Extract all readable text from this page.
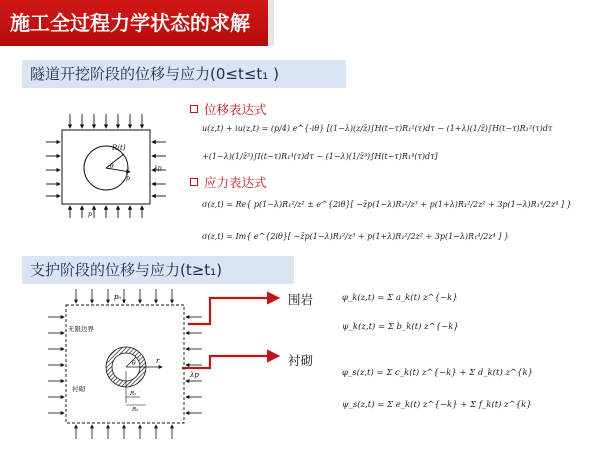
施工全过程力学状态的求解
隧道开挖阶段的位移与应力(0≤t≤t₁ )
R(t)
θ
p
λp
p
位移表达式
u(z,t) + iu(z,t) = (p/4) e^{-iθ} [(1−λ)(z/z̄)∫H(t−τ)R₁²(τ)dτ − (1+λ)(1/z̄)∫H(t−τ)R₁²(τ)dτ
+(1−λ)(1/z̄³)∫I(t−τ)R₁⁴(τ)dτ − (1−λ)(1/z̄³)∫H(t−τ)R₁⁴(τ)dτ]
应力表达式
σ(z,t) = Re{ p(1−λ)R₁²/z² ± e^{2iθ}[ −z̄p(1−λ)R₁²/z³ + p(1+λ)R₁²/2z² + 3p(1−λ)R₁⁴/2z⁴ ] }
σ(z,t) = Im{ e^{2iθ}[ −z̄p(1−λ)R₁²/z³ + p(1+λ)R₁²/2z² + 3p(1−λ)R₁⁴/2z⁴ ] }
支护阶段的位移与应力(t≥t₁)
p₀
无限边界
衬砌
r
λp
θ
R₁
R₂
围岩
衬砌
φ_k(z,t) = Σ a_k(t) z^{−k}
ψ_k(z,t) = Σ b_k(t) z^{−k}
φ_s(z,t) = Σ c_k(t) z^{−k} + Σ d_k(t) z^{k}
ψ_s(z,t) = Σ e_k(t) z^{−k} + Σ f_k(t) z^{k}
